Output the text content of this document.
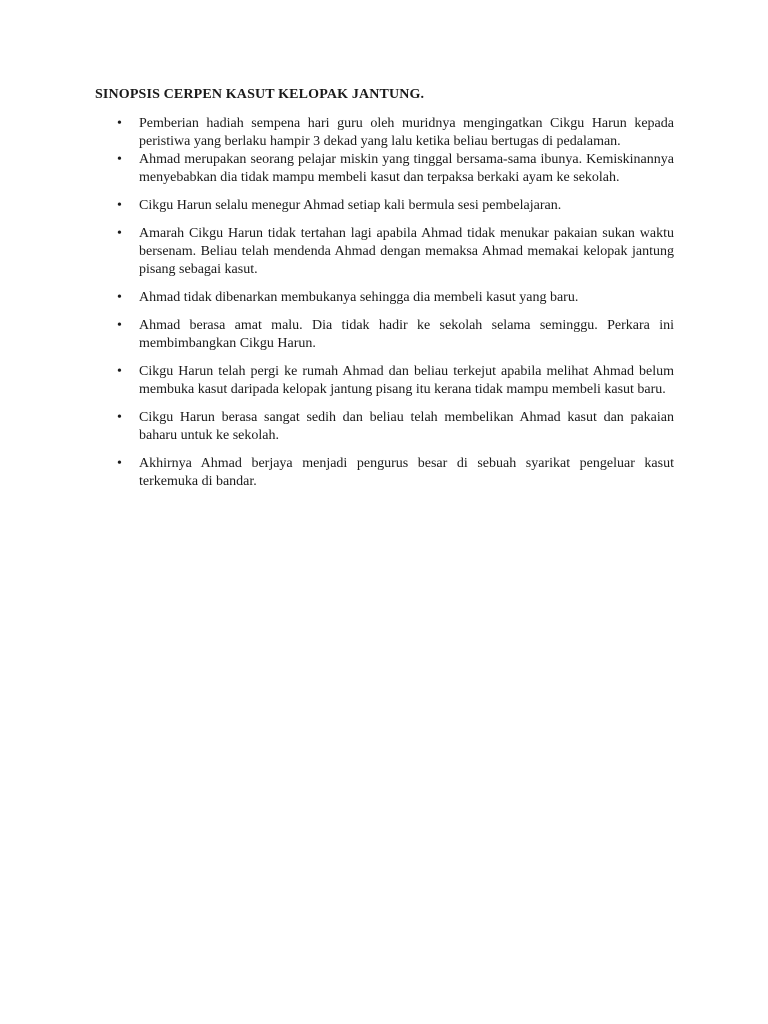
SINOPSIS CERPEN KASUT KELOPAK JANTUNG.
• Pemberian hadiah sempena hari guru oleh muridnya mengingatkan Cikgu Harun kepada peristiwa yang berlaku hampir 3 dekad yang lalu ketika beliau bertugas di pedalaman.
• Ahmad merupakan seorang pelajar miskin yang tinggal bersama-sama ibunya. Kemiskinannya menyebabkan dia tidak mampu membeli kasut dan terpaksa berkaki ayam ke sekolah.
• Cikgu Harun selalu menegur Ahmad setiap kali bermula sesi pembelajaran.
• Amarah Cikgu Harun tidak tertahan lagi apabila Ahmad tidak menukar pakaian sukan waktu bersenam. Beliau telah mendenda Ahmad dengan memaksa Ahmad memakai kelopak jantung pisang sebagai kasut.
• Ahmad tidak dibenarkan membukanya sehingga dia membeli kasut yang baru.
• Ahmad berasa amat malu. Dia tidak hadir ke sekolah selama seminggu. Perkara ini membimbangkan Cikgu Harun.
• Cikgu Harun telah pergi ke rumah Ahmad dan beliau terkejut apabila melihat Ahmad belum membuka kasut daripada kelopak jantung pisang itu kerana tidak mampu membeli kasut baru.
• Cikgu Harun berasa sangat sedih dan beliau telah membelikan Ahmad kasut dan pakaian baharu untuk ke sekolah.
• Akhirnya Ahmad berjaya menjadi pengurus besar di sebuah syarikat pengeluar kasut terkemuka di bandar.
